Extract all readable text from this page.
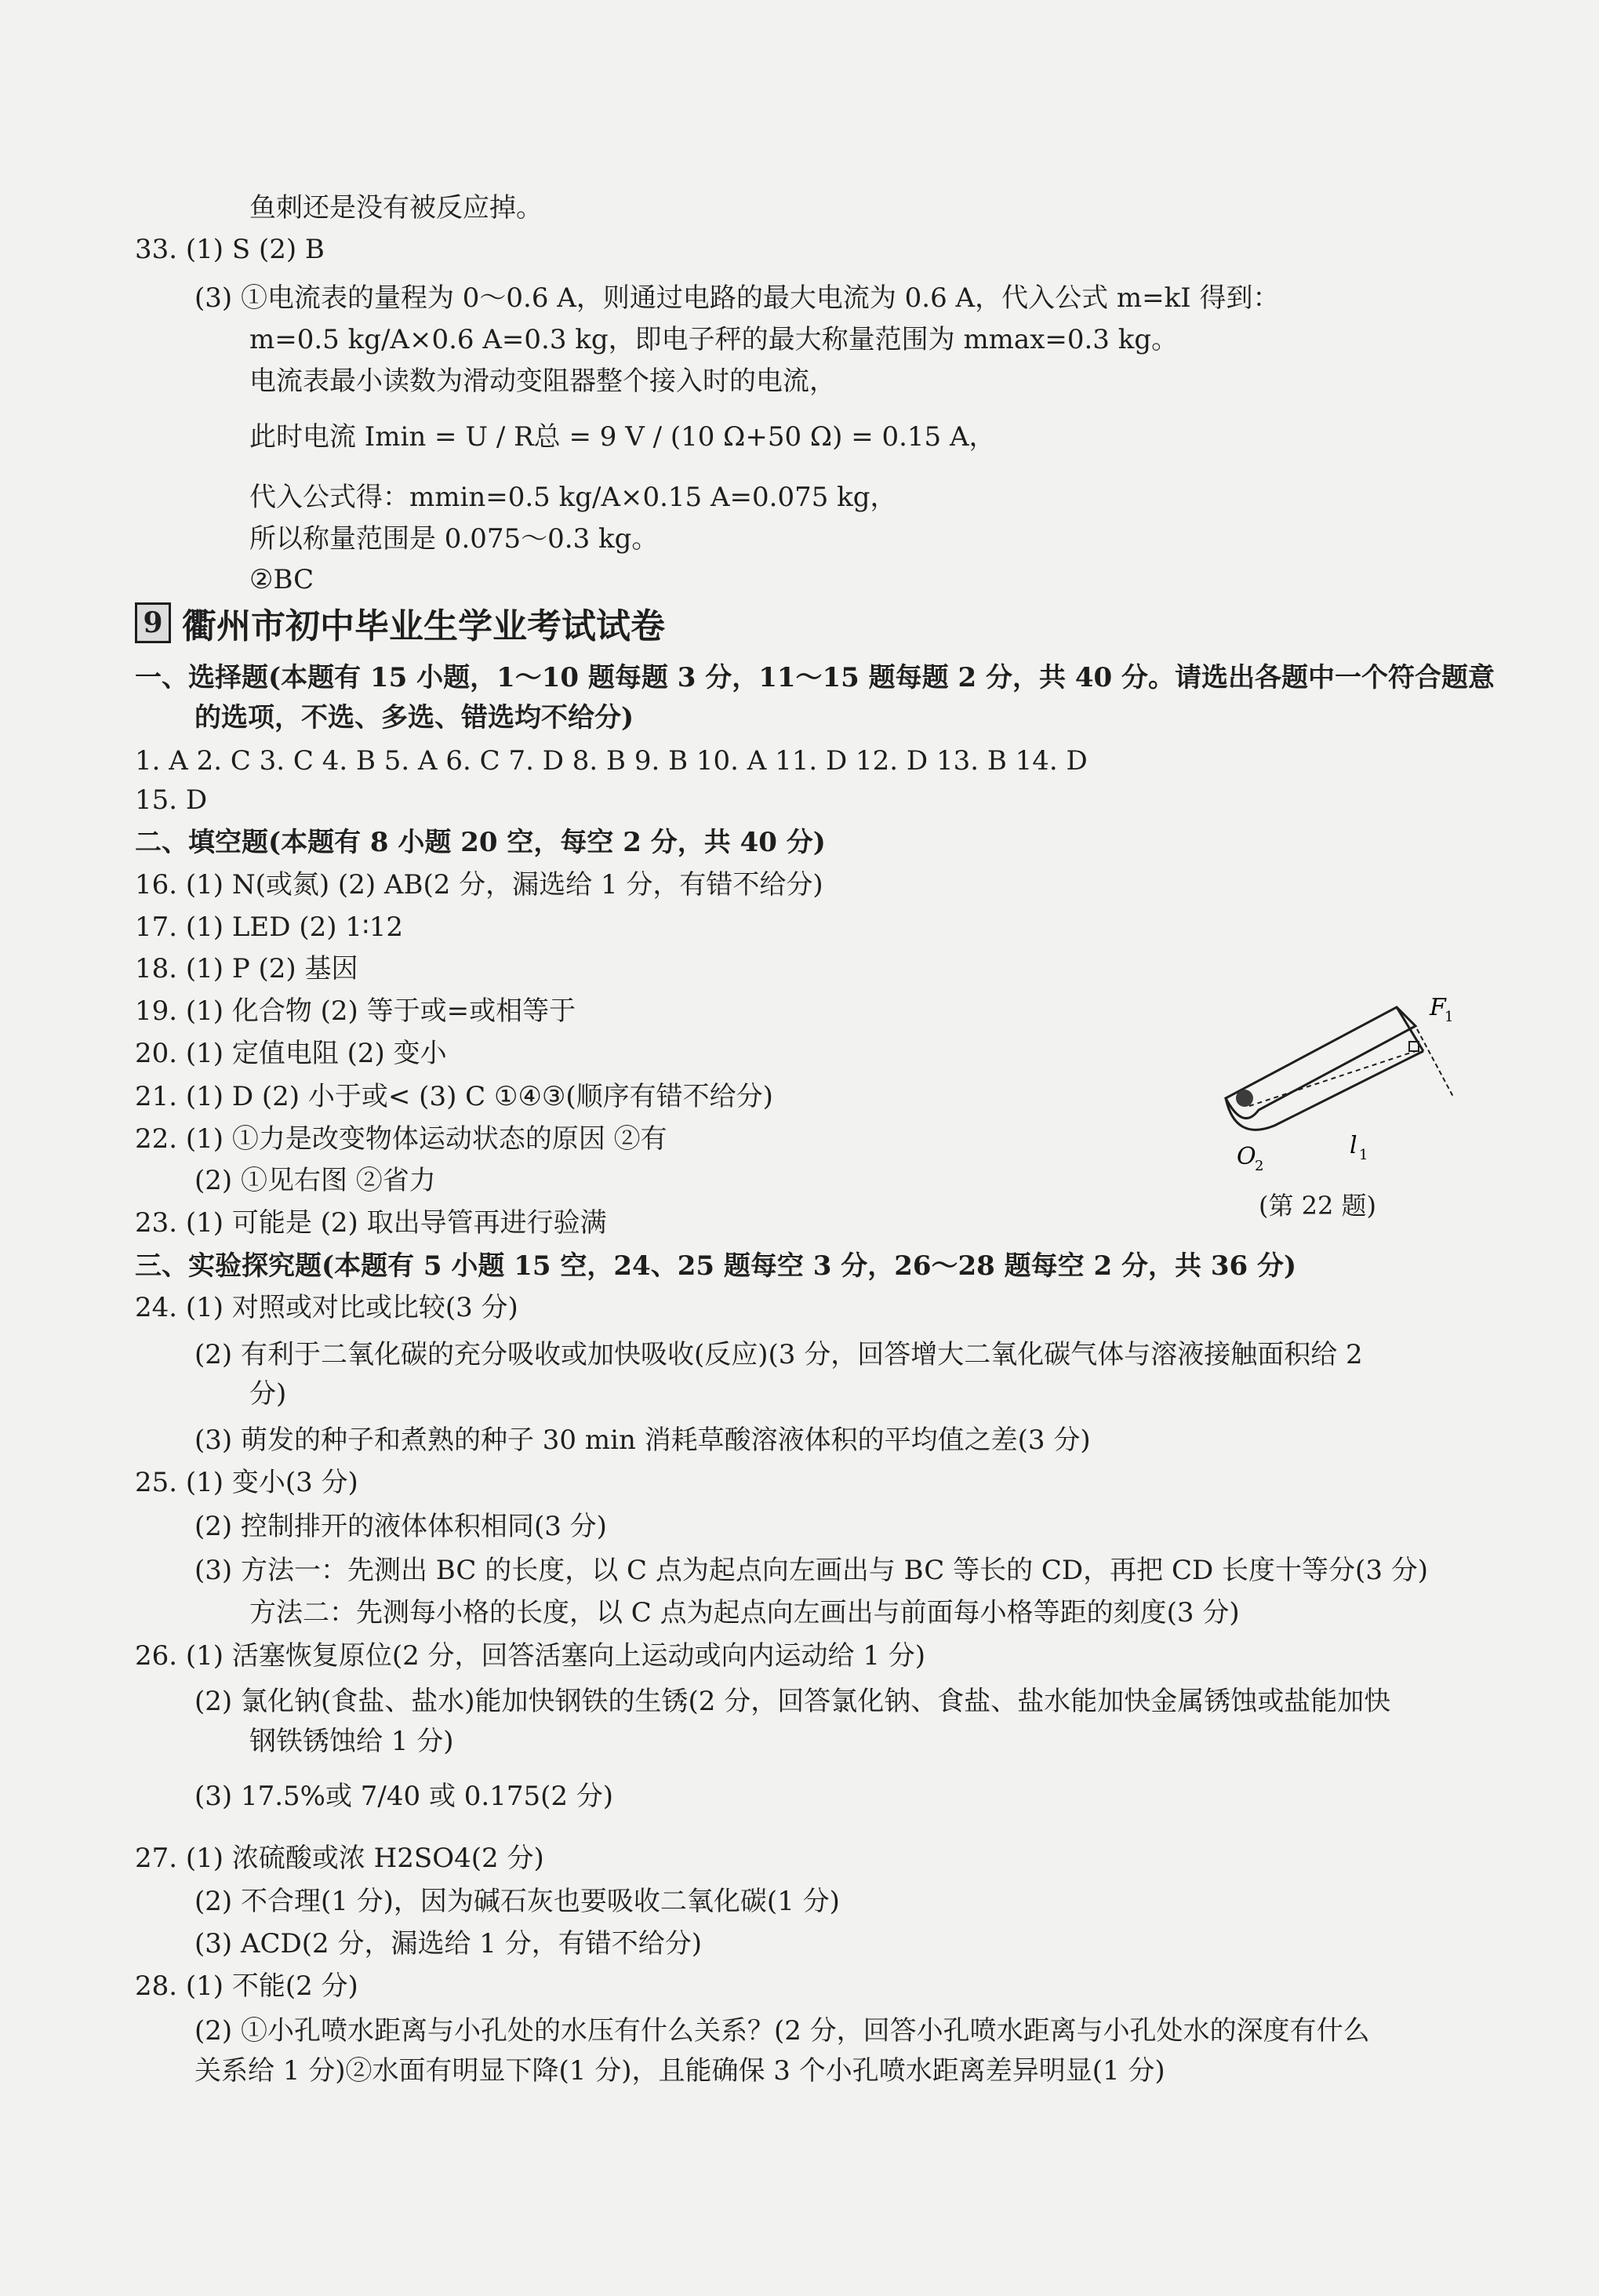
9 衢州市初中毕业生学业考试试卷
F
1
O
2
l 1
(第 22 题)
鱼刺还是没有被反应掉。
33. (1) S (2) B
(3) ①电流表的量程为 0～0.6 A，则通过电路的最大电流为 0.6 A，代入公式 m=kI 得到：
m=0.5 kg/A×0.6 A=0.3 kg，即电子秤的最大称量范围为 mmax=0.3 kg。
电流表最小读数为滑动变阻器整个接入时的电流，
此时电流 Imin = U / R总 = 9 V / (10 Ω+50 Ω) = 0.15 A，
代入公式得：mmin=0.5 kg/A×0.15 A=0.075 kg，
所以称量范围是 0.075～0.3 kg。
②BC
一、选择题(本题有 15 小题，1～10 题每题 3 分，11～15 题每题 2 分，共 40 分。请选出各题中一个符合题意
的选项，不选、多选、错选均不给分)
1. A 2. C 3. C 4. B 5. A 6. C 7. D 8. B 9. B 10. A 11. D 12. D 13. B 14. D
15. D
二、填空题(本题有 8 小题 20 空，每空 2 分，共 40 分)
16. (1) N(或氮) (2) AB(2 分，漏选给 1 分，有错不给分)
17. (1) LED (2) 1∶12
18. (1) P (2) 基因
19. (1) 化合物 (2) 等于或=或相等于
20. (1) 定值电阻 (2) 变小
21. (1) D (2) 小于或< (3) C ①④③(顺序有错不给分)
22. (1) ①力是改变物体运动状态的原因 ②有
(2) ①见右图 ②省力
23. (1) 可能是 (2) 取出导管再进行验满
三、实验探究题(本题有 5 小题 15 空，24、25 题每空 3 分，26～28 题每空 2 分，共 36 分)
24. (1) 对照或对比或比较(3 分)
(2) 有利于二氧化碳的充分吸收或加快吸收(反应)(3 分，回答增大二氧化碳气体与溶液接触面积给 2
分)
(3) 萌发的种子和煮熟的种子 30 min 消耗草酸溶液体积的平均值之差(3 分)
25. (1) 变小(3 分)
(2) 控制排开的液体体积相同(3 分)
(3) 方法一：先测出 BC 的长度，以 C 点为起点向左画出与 BC 等长的 CD，再把 CD 长度十等分(3 分)
方法二：先测每小格的长度，以 C 点为起点向左画出与前面每小格等距的刻度(3 分)
26. (1) 活塞恢复原位(2 分，回答活塞向上运动或向内运动给 1 分)
(2) 氯化钠(食盐、盐水)能加快钢铁的生锈(2 分，回答氯化钠、食盐、盐水能加快金属锈蚀或盐能加快
钢铁锈蚀给 1 分)
(3) 17.5%或 7/40 或 0.175(2 分)
27. (1) 浓硫酸或浓 H2SO4(2 分)
(2) 不合理(1 分)，因为碱石灰也要吸收二氧化碳(1 分)
(3) ACD(2 分，漏选给 1 分，有错不给分)
28. (1) 不能(2 分)
(2) ①小孔喷水距离与小孔处的水压有什么关系？(2 分，回答小孔喷水距离与小孔处水的深度有什么
关系给 1 分)②水面有明显下降(1 分)，且能确保 3 个小孔喷水距离差异明显(1 分)
